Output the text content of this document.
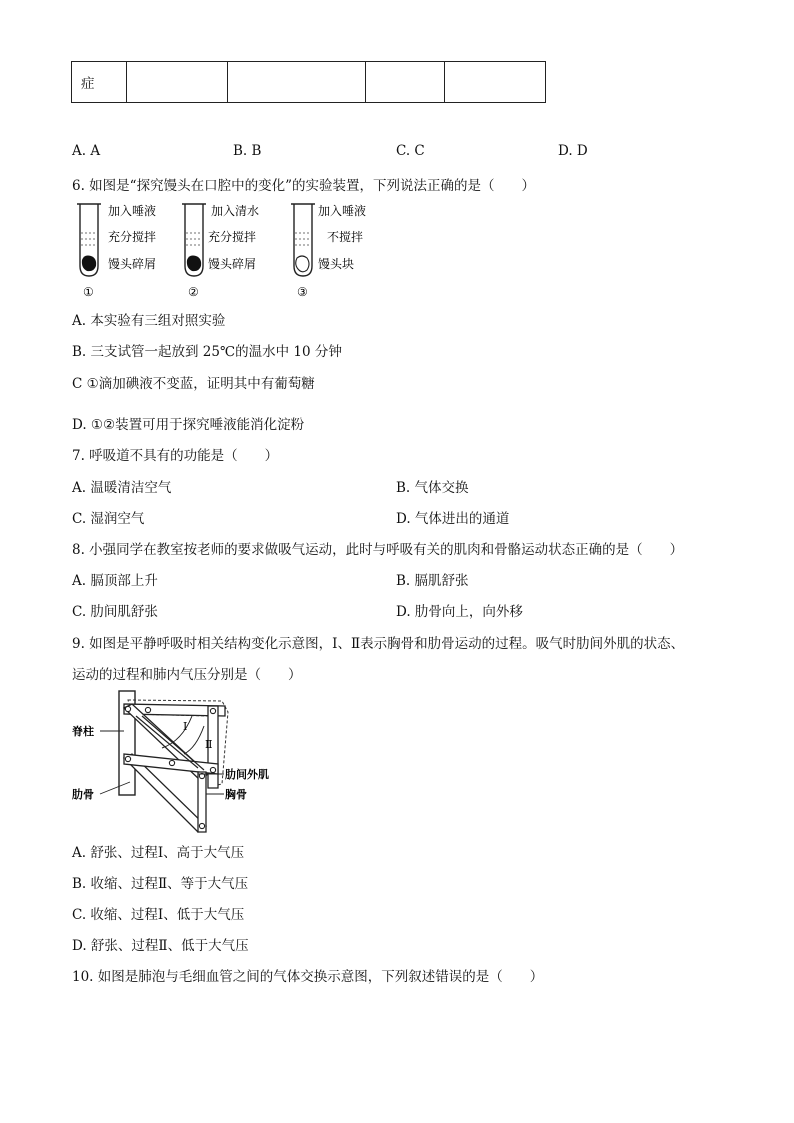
症				
A. A	B. B	C. C	D. D
6. 如图是“探究馒头在口腔中的变化”的实验装置，下列说法正确的是（　　）
加入唾液
充分搅拌
馒头碎屑
①
加入清水
充分搅拌
馒头碎屑
②
加入唾液
不搅拌
馒头块
③
A. 本实验有三组对照实验
B. 三支试管一起放到 25℃的温水中 10 分钟
C ①滴加碘液不变蓝，证明其中有葡萄糖
D. ①②装置可用于探究唾液能消化淀粉
7. 呼吸道不具有的功能是（　　）
A. 温暖清洁空气	B. 气体交换
C. 湿润空气	D. 气体进出的通道
8. 小强同学在教室按老师的要求做吸气运动，此时与呼吸有关的肌肉和骨骼运动状态正确的是（　　）
A. 膈顶部上升	B. 膈肌舒张
C. 肋间肌舒张	D. 肋骨向上，向外移
9. 如图是平静呼吸时相关结构变化示意图，Ⅰ、Ⅱ表示胸骨和肋骨运动的过程。吸气时肋间外肌的状态、
运动的过程和肺内气压分别是（　　）
Ⅰ
Ⅱ
脊柱
肋骨
肋间外肌
胸骨
A. 舒张、过程Ⅰ、高于大气压
B. 收缩、过程Ⅱ、等于大气压
C. 收缩、过程Ⅰ、低于大气压
D. 舒张、过程Ⅱ、低于大气压
10. 如图是肺泡与毛细血管之间的气体交换示意图，下列叙述错误的是（　　）
